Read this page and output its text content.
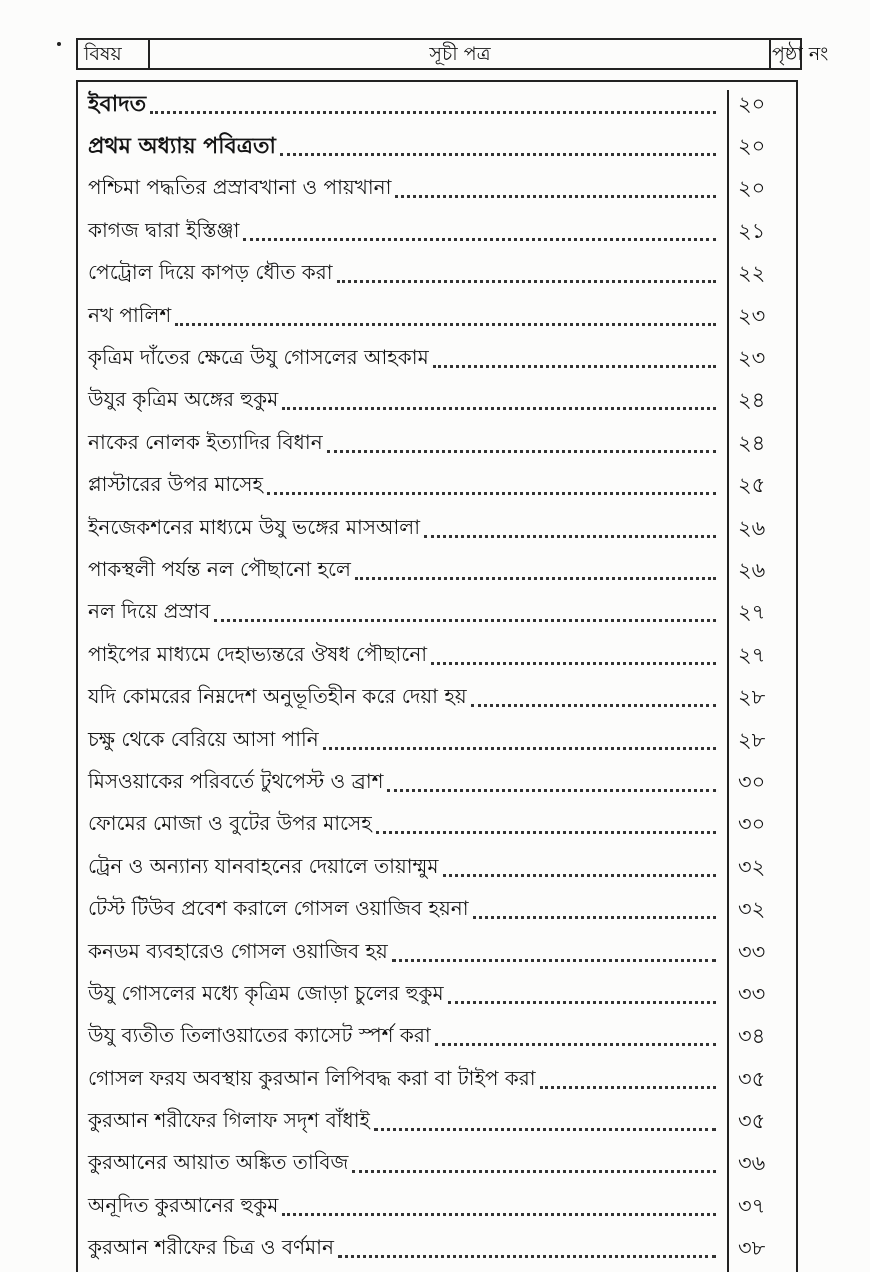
বিষয়	সূচী পত্র	পৃষ্ঠা নং
ইবাদত	২০
প্রথম অধ্যায় পবিত্রতা	২০
পশ্চিমা পদ্ধতির প্রস্রাবখানা ও পায়খানা	২০
কাগজ দ্বারা ইস্তিঞ্জা	২১
পেট্রোল দিয়ে কাপড় ধৌত করা	২২
নখ পালিশ	২৩
কৃত্রিম দাঁতের ক্ষেত্রে উযু গোসলের আহকাম	২৩
উযুর কৃত্রিম অঙ্গের হুকুম	২৪
নাকের নোলক ইত্যাদির বিধান	২৪
প্লাস্টারের উপর মাসেহ	২৫
ইনজেকশনের মাধ্যমে উযু ভঙ্গের মাসআলা	২৬
পাকস্থলী পর্যন্ত নল পৌছানো হলে	২৬
নল দিয়ে প্রস্রাব	২৭
পাইপের মাধ্যমে দেহাভ্যন্তরে ঔষধ পৌছানো	২৭
যদি কোমরের নিম্নদেশ অনুভূতিহীন করে দেয়া হয়	২৮
চক্ষু থেকে বেরিয়ে আসা পানি	২৮
মিসওয়াকের পরিবর্তে টুথপেস্ট ও ব্রাশ	৩০
ফোমের মোজা ও বুটের উপর মাসেহ	৩০
ট্রেন ও অন্যান্য যানবাহনের দেয়ালে তায়াম্মুম	৩২
টেস্ট টিউব প্রবেশ করালে গোসল ওয়াজিব হয়না	৩২
কনডম ব্যবহারেও গোসল ওয়াজিব হয়	৩৩
উযু গোসলের মধ্যে কৃত্রিম জোড়া চুলের হুকুম	৩৩
উযু ব্যতীত তিলাওয়াতের ক্যাসেট স্পর্শ করা	৩৪
গোসল ফরয অবস্থায় কুরআন লিপিবদ্ধ করা বা টাইপ করা	৩৫
কুরআন শরীফের গিলাফ সদৃশ বাঁধাই	৩৫
কুরআনের আয়াত অঙ্কিত তাবিজ	৩৬
অনূদিত কুরআনের হুকুম	৩৭
কুরআন শরীফের চিত্র ও বর্ণমান	৩৮
